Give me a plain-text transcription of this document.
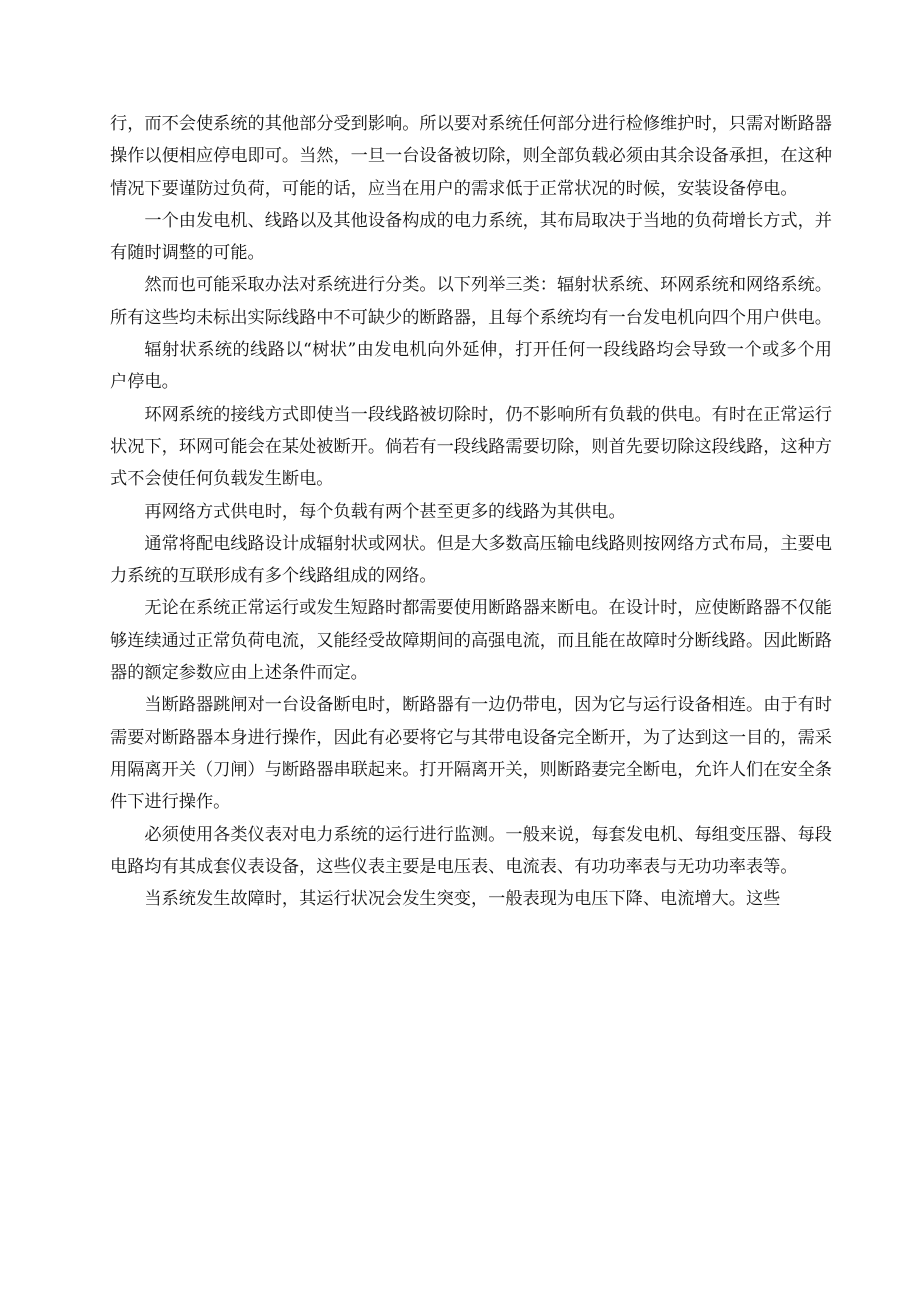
行，而不会使系统的其他部分受到影响。所以要对系统任何部分进行检修维护时，只需对断路器操作以便相应停电即可。当然，一旦一台设备被切除，则全部负载必须由其余设备承担，在这种情况下要谨防过负荷，可能的话，应当在用户的需求低于正常状况的时候，安装设备停电。

一个由发电机、线路以及其他设备构成的电力系统，其布局取决于当地的负荷增长方式，并有随时调整的可能。

然而也可能采取办法对系统进行分类。以下列举三类：辐射状系统、环网系统和网络系统。所有这些均未标出实际线路中不可缺少的断路器，且每个系统均有一台发电机向四个用户供电。

辐射状系统的线路以“树状”由发电机向外延伸，打开任何一段线路均会导致一个或多个用户停电。

环网系统的接线方式即使当一段线路被切除时，仍不影响所有负载的供电。有时在正常运行状况下，环网可能会在某处被断开。倘若有一段线路需要切除，则首先要切除这段线路，这种方式不会使任何负载发生断电。

再网络方式供电时，每个负载有两个甚至更多的线路为其供电。

通常将配电线路设计成辐射状或网状。但是大多数高压输电线路则按网络方式布局，主要电力系统的互联形成有多个线路组成的网络。

无论在系统正常运行或发生短路时都需要使用断路器来断电。在设计时，应使断路器不仅能够连续通过正常负荷电流，又能经受故障期间的高强电流，而且能在故障时分断线路。因此断路器的额定参数应由上述条件而定。

当断路器跳闸对一台设备断电时，断路器有一边仍带电，因为它与运行设备相连。由于有时需要对断路器本身进行操作，因此有必要将它与其带电设备完全断开，为了达到这一目的，需采用隔离开关（刀闸）与断路器串联起来。打开隔离开关，则断路妻完全断电，允许人们在安全条件下进行操作。

必须使用各类仪表对电力系统的运行进行监测。一般来说，每套发电机、每组变压器、每段电路均有其成套仪表设备，这些仪表主要是电压表、电流表、有功功率表与无功功率表等。

当系统发生故障时，其运行状况会发生突变，一般表现为电压下降、电流增大。这些
